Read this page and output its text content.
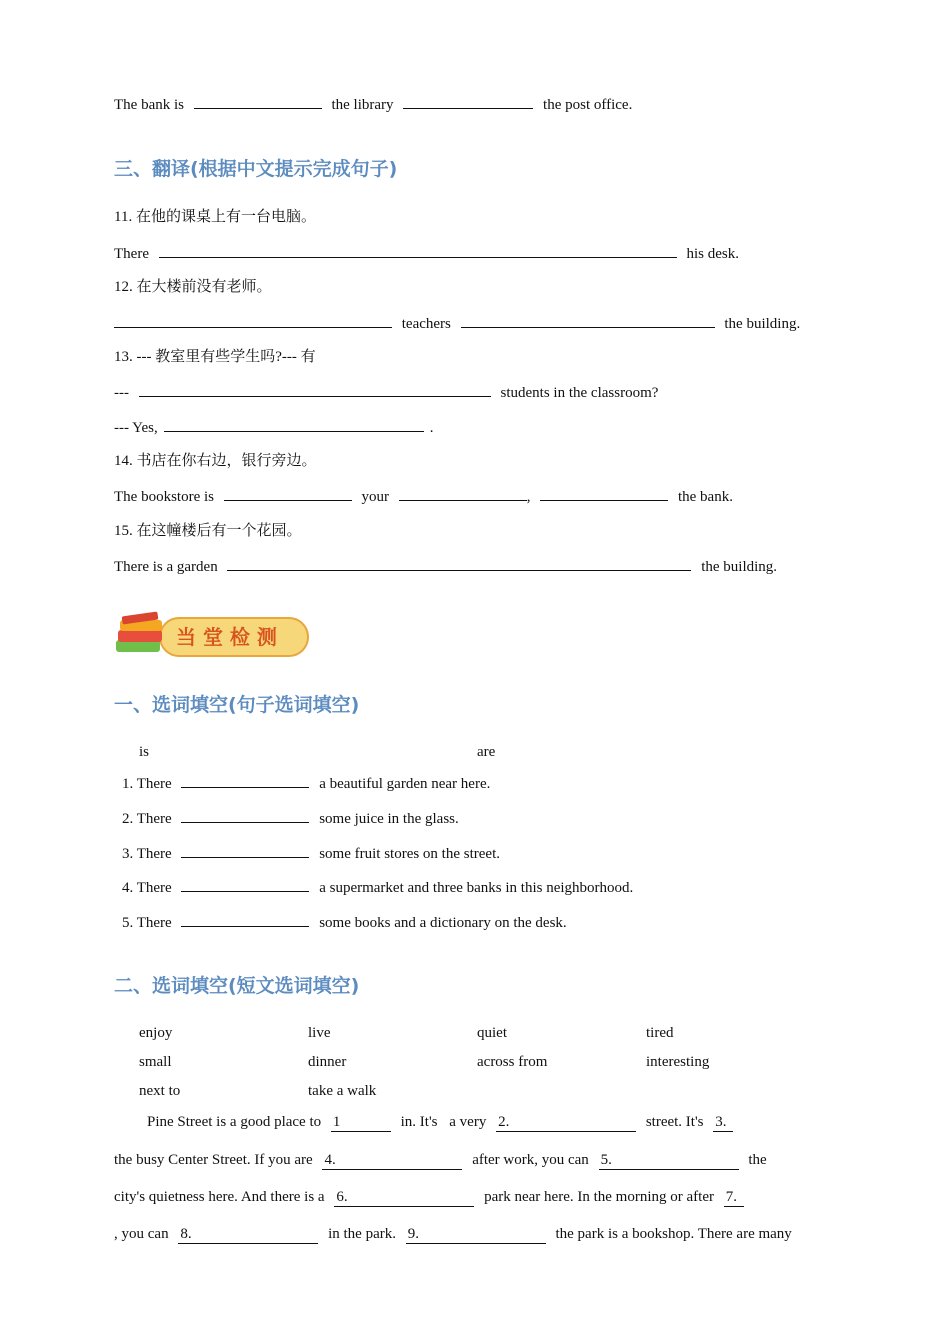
The bank is	the library	the post office.
三、翻译(根据中文提示完成句子)
11. 在他的课桌上有一台电脑。
There	his desk.
12. 在大楼前没有老师。
teachers	the building.
13. --- 教室里有些学生吗?--- 有
---	students in the classroom?
--- Yes,	.
14. 书店在你右边，银行旁边。
The bookstore is	your	,	the bank.
15. 在这幢楼后有一个花园。
There is a garden	the building.
当 堂 检 测
一、选词填空(句子选词填空)
is	are
1. There	a beautiful garden near here.
2. There	some juice in the glass.
3. There	some fruit stores on the street.
4. There	a supermarket and three banks in this neighborhood.
5. There	some books and a dictionary on the desk.
二、选词填空(短文选词填空)
enjoy	live	quiet	tired
small	dinner	across from	interesting
next to	take a walk
Pine Street is a good place to 1	in. It's a very 2.	street. It's 3.
the busy Center Street. If you are 4.	after work, you can 5.	the
city's quietness here. And there is a 6.	park near here. In the morning or after 7.
, you can 8.	in the park. 9.	the park is a bookshop. There are many
